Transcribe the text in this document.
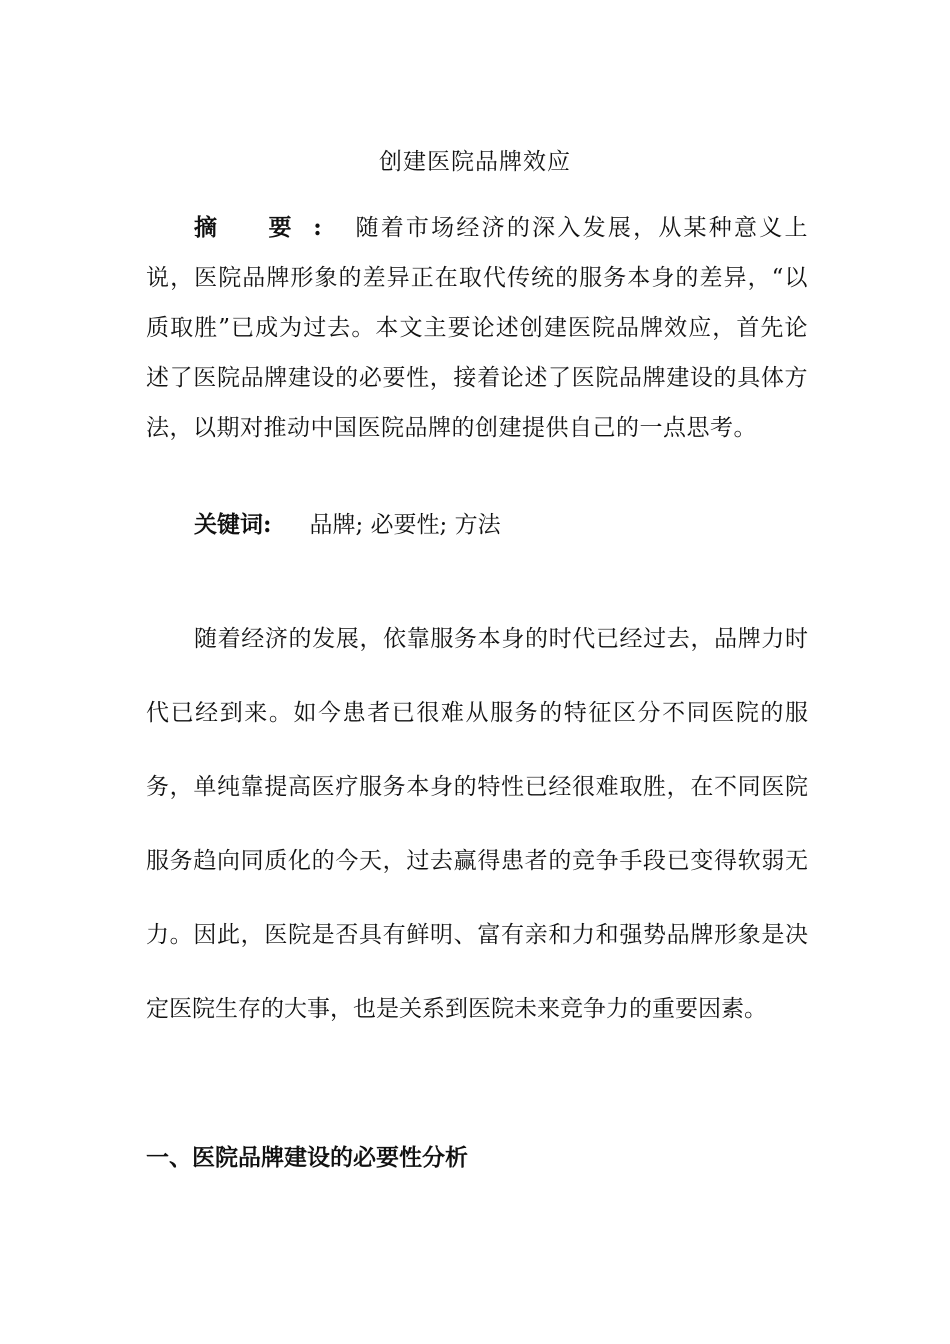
创建医院品牌效应
摘 要: 随着市场经济的深入发展，从某种意义上说，医院品牌形象的差异正在取代传统的服务本身的差异，“以质取胜”已成为过去。本文主要论述创建医院品牌效应，首先论述了医院品牌建设的必要性，接着论述了医院品牌建设的具体方法，以期对推动中国医院品牌的创建提供自己的一点思考。
关键词: 品牌; 必要性; 方法
随着经济的发展，依靠服务本身的时代已经过去，品牌力时代已经到来。如今患者已很难从服务的特征区分不同医院的服务，单纯靠提高医疗服务本身的特性已经很难取胜，在不同医院服务趋向同质化的今天，过去赢得患者的竞争手段已变得软弱无力。因此，医院是否具有鲜明、富有亲和力和强势品牌形象是决定医院生存的大事，也是关系到医院未来竞争力的重要因素。
一、医院品牌建设的必要性分析
